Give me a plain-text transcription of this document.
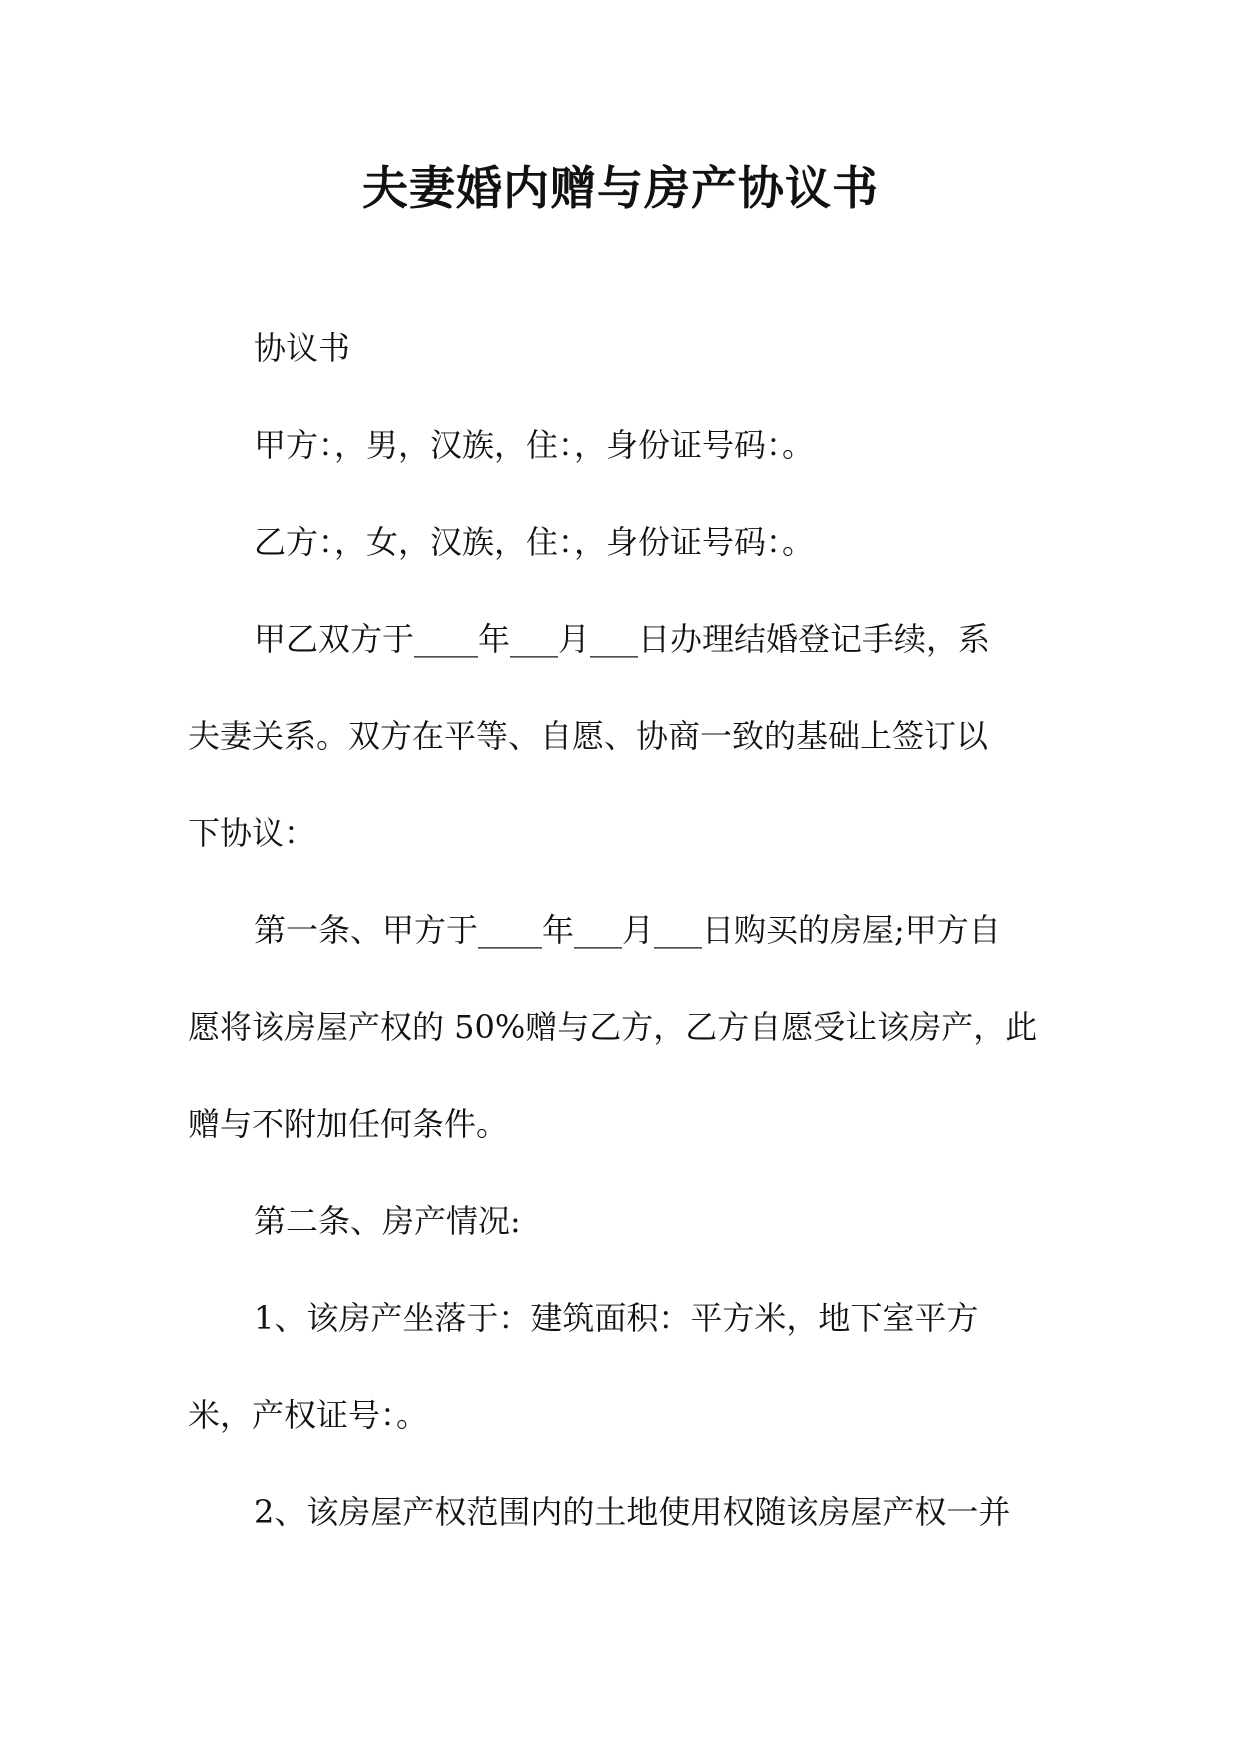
夫妻婚内赠与房产协议书

协议书

甲方：，男，汉族，住：，身份证号码：。

乙方：，女，汉族，住：，身份证号码：。

甲乙双方于____年___月___日办理结婚登记手续，系

夫妻关系。双方在平等、自愿、协商一致的基础上签订以

下协议：

第一条、甲方于____年___月___日购买的房屋;甲方自

愿将该房屋产权的 50%赠与乙方，乙方自愿受让该房产，此

赠与不附加任何条件。

第二条、房产情况:

1、该房产坐落于：建筑面积：平方米，地下室平方

米，产权证号：。

2、该房屋产权范围内的土地使用权随该房屋产权一并
